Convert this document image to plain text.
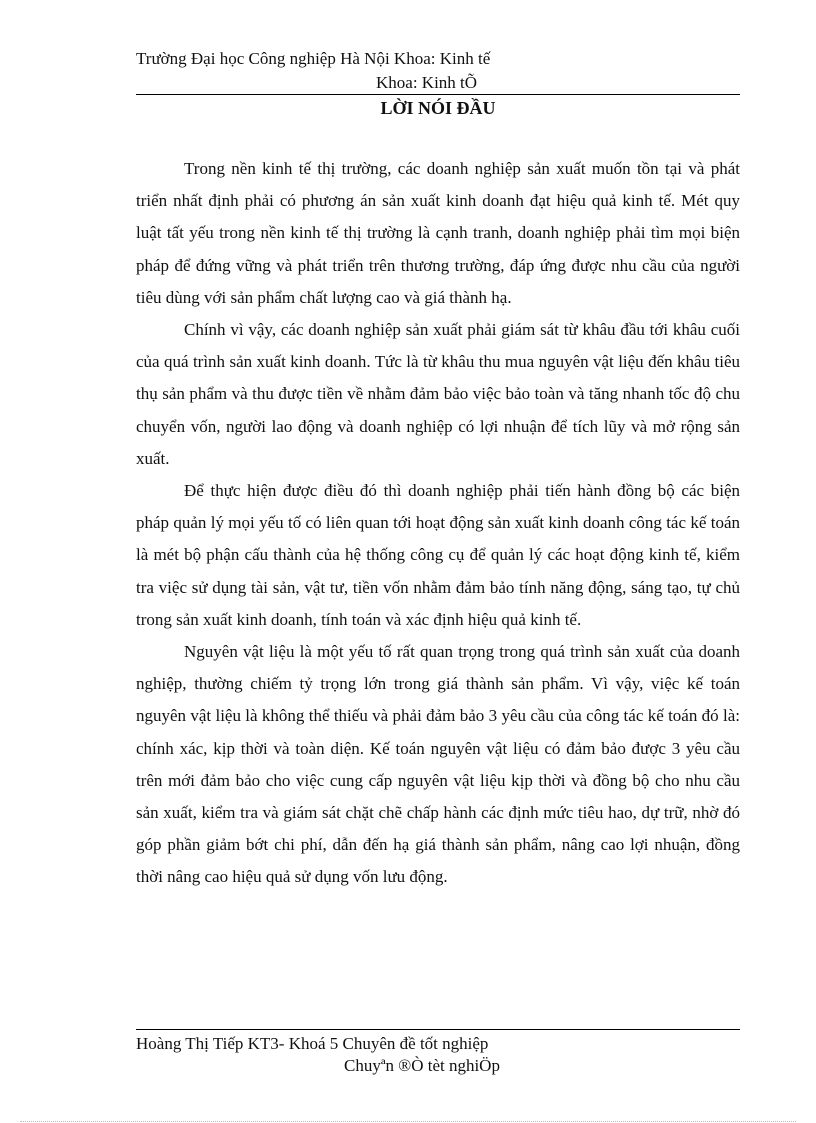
Trường Đại học Công nghiệp Hà Nội Khoa: Kinh tế
Khoa: Kinh tÕ
LỜI NÓI ĐẦU

Trong nền kinh tế thị trường, các doanh nghiệp sản xuất muốn tồn tại và phát triển nhất định phải có phương án sản xuất kinh doanh đạt hiệu quả kinh tế. Mét quy luật tất yếu trong nền kinh tế thị trường là cạnh tranh, doanh nghiệp phải tìm mọi biện pháp để đứng vững và phát triển trên thương trường, đáp ứng được nhu cầu của người tiêu dùng với sản phẩm chất lượng cao và giá thành hạ.

Chính vì vậy, các doanh nghiệp sản xuất phải giám sát từ khâu đầu tới khâu cuối của quá trình sản xuất kinh doanh. Tức là từ khâu thu mua nguyên vật liệu đến khâu tiêu thụ sản phẩm và thu được tiền về nhằm đảm bảo việc bảo toàn và tăng nhanh tốc độ chu chuyển vốn, người lao động và doanh nghiệp có lợi nhuận để tích lũy và mở rộng sản xuất.

Để thực hiện được điều đó thì doanh nghiệp phải tiến hành đồng bộ các biện pháp quản lý mọi yếu tố có liên quan tới hoạt động sản xuất kinh doanh công tác kế toán là mét bộ phận cấu thành của hệ thống công cụ để quản lý các hoạt động kinh tế, kiểm tra việc sử dụng tài sản, vật tư, tiền vốn nhằm đảm bảo tính năng động, sáng tạo, tự chủ trong sản xuất kinh doanh, tính toán và xác định hiệu quả kinh tế.

Nguyên vật liệu là một yếu tố rất quan trọng trong quá trình sản xuất của doanh nghiệp, thường chiếm tỷ trọng lớn trong giá thành sản phẩm. Vì vậy, việc kế toán nguyên vật liệu là không thể thiếu và phải đảm bảo 3 yêu cầu của công tác kế toán đó là: chính xác, kịp thời và toàn diện. Kế toán nguyên vật liệu có đảm bảo được 3 yêu cầu trên mới đảm bảo cho việc cung cấp nguyên vật liệu kịp thời và đồng bộ cho nhu cầu sản xuất, kiểm tra và giám sát chặt chẽ chấp hành các định mức tiêu hao, dự trữ, nhờ đó góp phần giảm bớt chi phí, dẫn đến hạ giá thành sản phẩm, nâng cao lợi nhuận, đồng thời nâng cao hiệu quả sử dụng vốn lưu động.

Hoàng Thị Tiếp KT3- Khoá 5 Chuyên đề tốt nghiệp
Chuyªn ®Ò tèt nghiÖp
